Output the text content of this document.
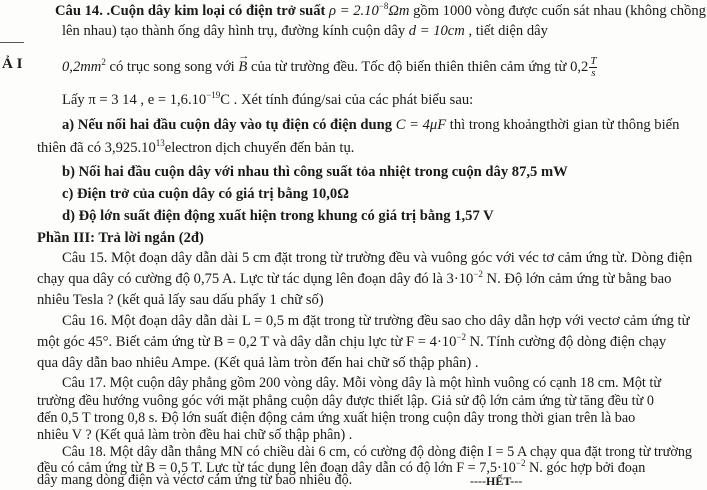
Ả I
Câu 14. .Cuộn dây kim loại có điện trở suất $\rho = 2.10^{-8}\Omega m$ gồm 1000 vòng được cuốn sát nhau (không chồng
lên nhau) tạo thành ống dây hình trụ, đường kính cuộn dây d = 10cm , tiết diện dây
$0,2mm^2$ có trục song song với → B của từ trường đều. Tốc độ biến thiên thiên cảm ứng từ $0,2 \frac{T}{s}$
Lấy π = 3 14 , $e = 1,6.10^{-19}C$ . Xét tính đúng/sai của các phát biểu sau:
a) Nếu nối hai đầu cuộn dây vào tụ điện có điện dung C = 4μF thì trong khoảngthời gian từ thông biến
thiên đã có 3,925.10$^{13}$electron dịch chuyển đến bản tụ.
b) Nối hai đầu cuộn dây với nhau thì công suất tỏa nhiệt trong cuộn dây 87,5 mW
c) Điện trở của cuộn dây có giá trị bằng 10,0Ω
d) Độ lớn suất điện động xuất hiện trong khung có giá trị bằng 1,57 V
Phần III: Trả lời ngắn (2đ)
Câu 15. Một đoạn dây dẫn dài 5 cm đặt trong từ trường đều và vuông góc với véc tơ cảm ứng từ. Dòng điện
chạy qua dây có cường độ 0,75 A. Lực từ tác dụng lên đoạn dây đó là $3\cdot 10^{-2}$ N. Độ lớn cảm ứng từ bằng bao
nhiêu Tesla ? (kết quả lấy sau dấu phẩy 1 chữ số)
Câu 16. Một đoạn dây dẫn dài L = 0,5 m đặt trong từ trường đều sao cho dây dẫn hợp với vectơ cảm ứng từ
một góc 45°. Biết cảm ứng từ B = 0,2 T và dây dẫn chịu lực từ $F = 4\cdot 10^{-2}$ N. Tính cường độ dòng điện chạy
qua dây dẫn bao nhiêu Ampe. (Kết quả làm tròn đến hai chữ số thập phân) .
Câu 17. Một cuộn dây phẳng gồm 200 vòng dây. Mỗi vòng dây là một hình vuông có cạnh 18 cm. Một từ
trường đều hướng vuông góc với mặt phẳng cuộn dây được thiết lập. Giả sử độ lớn cảm ứng từ tăng đều từ 0
đến 0,5 T trong 0,8 s. Độ lớn suất điện động cảm ứng xuất hiện trong cuộn dây trong thời gian trên là bao
nhiêu V ? (Kết quả làm tròn đều hai chữ số thập phân) .
Câu 18. Một dây dẫn thẳng MN có chiều dài 6 cm, có cường độ dòng điện I = 5 A chạy qua đặt trong từ trường
đều có cảm ứng từ B = 0,5 T. Lực từ tác dụng lên đoạn dây dẫn có độ lớn $F = 7,5\cdot 10^{-2}$ N. góc hợp bởi đoạn
dây mang dòng điện và véctơ cảm ứng từ bao nhiêu độ.	----HẾT---
